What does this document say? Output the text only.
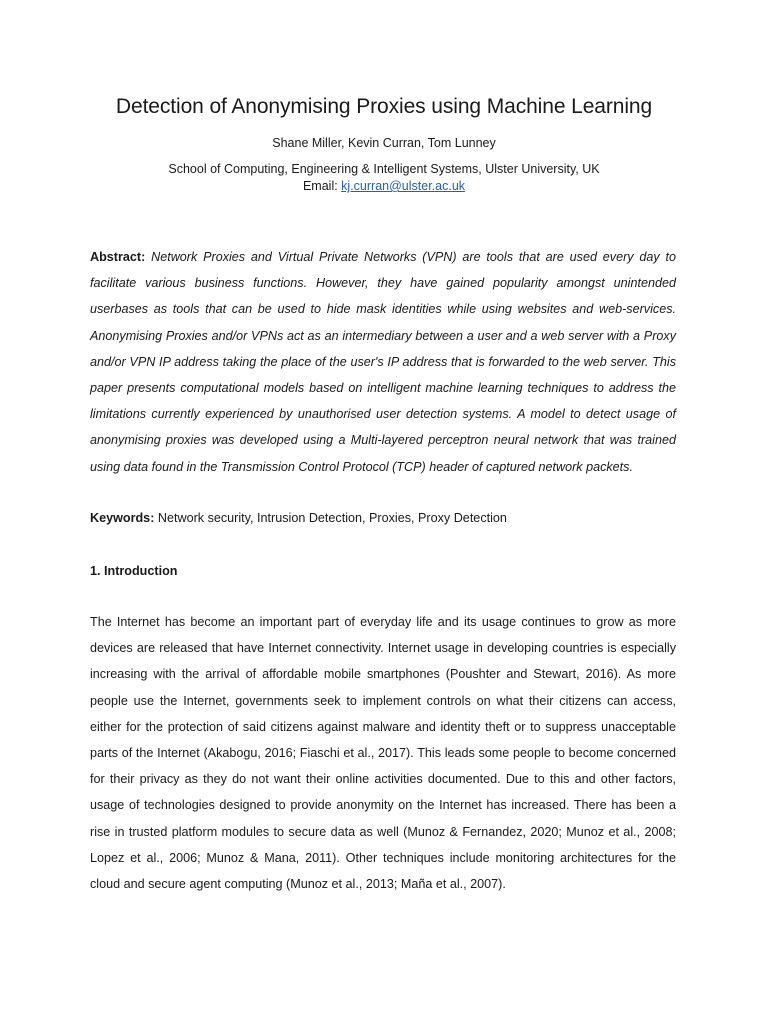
Detection of Anonymising Proxies using Machine Learning
Shane Miller, Kevin Curran, Tom Lunney
School of Computing, Engineering & Intelligent Systems, Ulster University, UK
Email: kj.curran@ulster.ac.uk

Abstract: Network Proxies and Virtual Private Networks (VPN) are tools that are used every day to facilitate various business functions. However, they have gained popularity amongst unintended userbases as tools that can be used to hide mask identities while using websites and web-services. Anonymising Proxies and/or VPNs act as an intermediary between a user and a web server with a Proxy and/or VPN IP address taking the place of the user's IP address that is forwarded to the web server. This paper presents computational models based on intelligent machine learning techniques to address the limitations currently experienced by unauthorised user detection systems. A model to detect usage of anonymising proxies was developed using a Multi-layered perceptron neural network that was trained using data found in the Transmission Control Protocol (TCP) header of captured network packets.

Keywords: Network security, Intrusion Detection, Proxies, Proxy Detection

1. Introduction

The Internet has become an important part of everyday life and its usage continues to grow as more devices are released that have Internet connectivity. Internet usage in developing countries is especially increasing with the arrival of affordable mobile smartphones (Poushter and Stewart, 2016). As more people use the Internet, governments seek to implement controls on what their citizens can access, either for the protection of said citizens against malware and identity theft or to suppress unacceptable parts of the Internet (Akabogu, 2016; Fiaschi et al., 2017). This leads some people to become concerned for their privacy as they do not want their online activities documented. Due to this and other factors, usage of technologies designed to provide anonymity on the Internet has increased. There has been a rise in trusted platform modules to secure data as well (Munoz & Fernandez, 2020; Munoz et al., 2008; Lopez et al., 2006; Munoz & Mana, 2011). Other techniques include monitoring architectures for the cloud and secure agent computing (Munoz et al., 2013; Maña et al., 2007).
